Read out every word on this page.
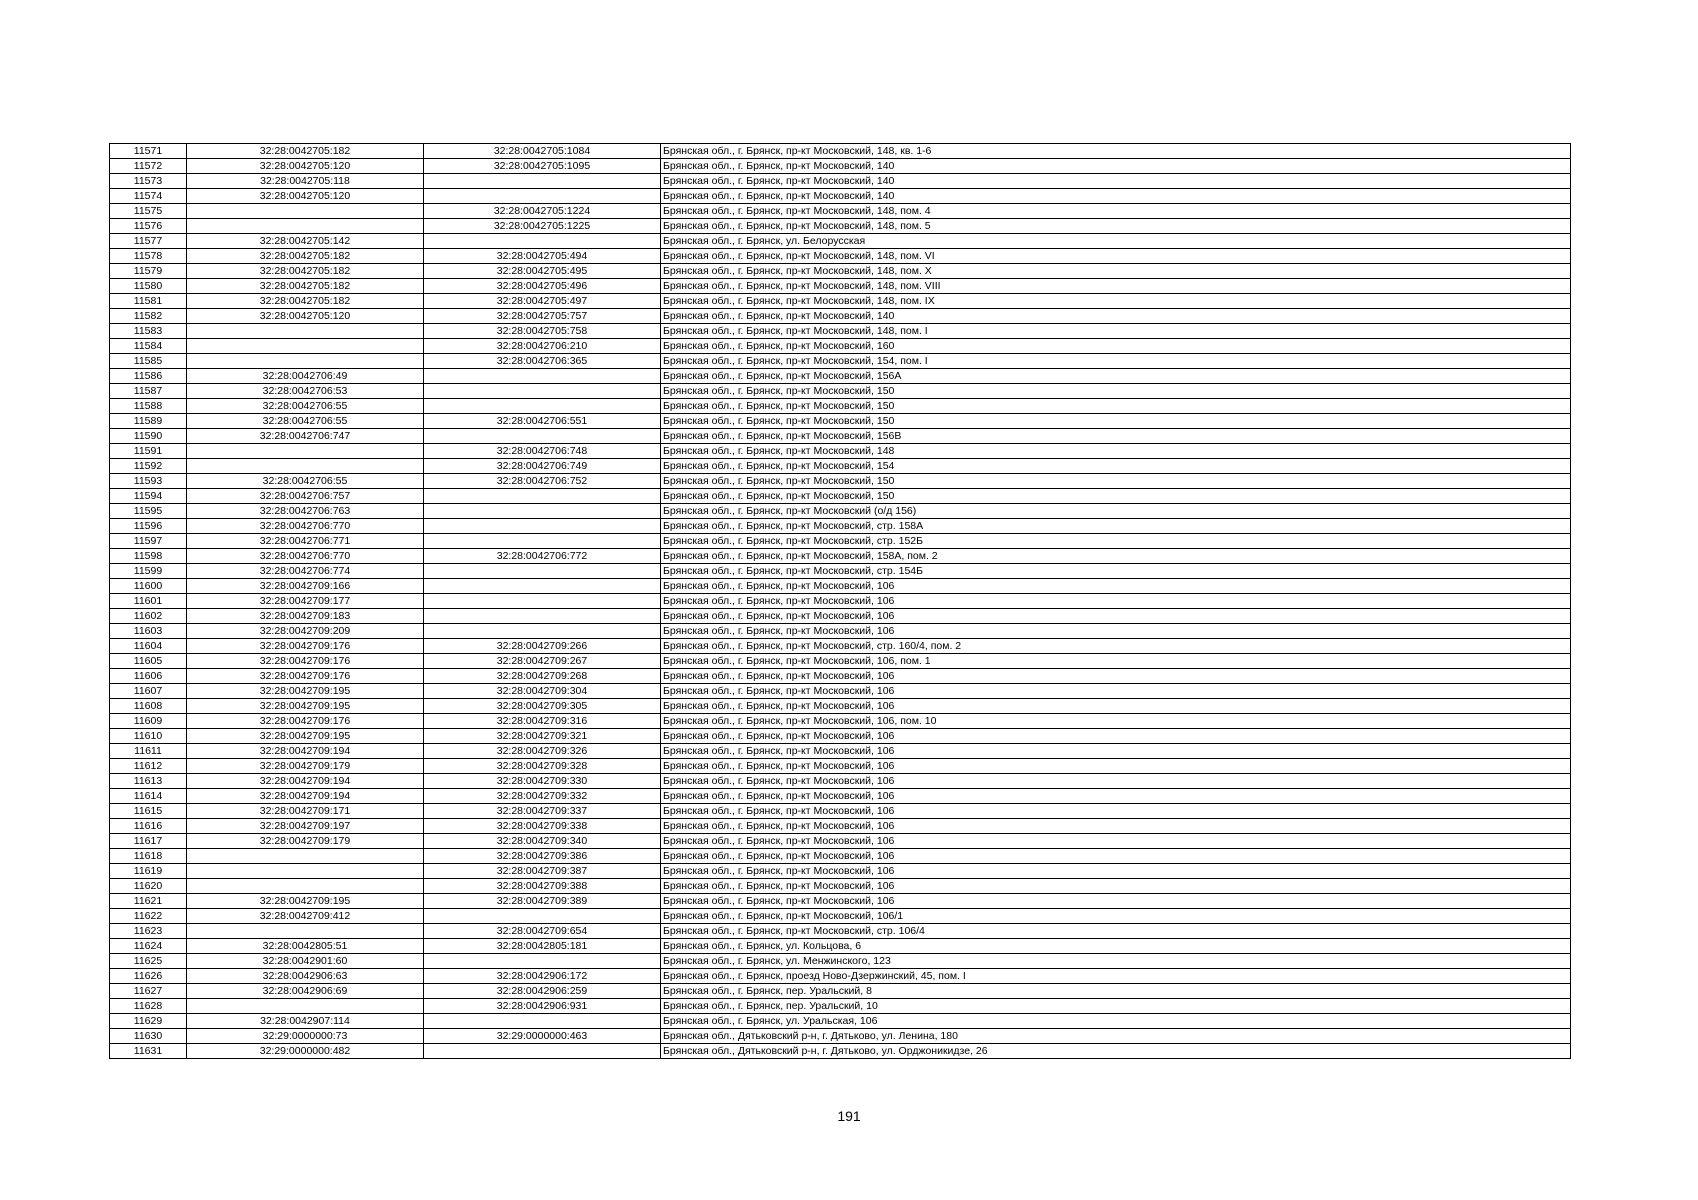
11571	32:28:0042705:182	32:28:0042705:1084	Брянская обл., г. Брянск, пр-кт Московский, 148, кв. 1-6
11572	32:28:0042705:120	32:28:0042705:1095	Брянская обл., г. Брянск, пр-кт Московский, 140
11573	32:28:0042705:118		Брянская обл., г. Брянск, пр-кт Московский, 140
11574	32:28:0042705:120		Брянская обл., г. Брянск, пр-кт Московский, 140
11575		32:28:0042705:1224	Брянская обл., г. Брянск, пр-кт Московский, 148, пом. 4
11576		32:28:0042705:1225	Брянская обл., г. Брянск, пр-кт Московский, 148, пом. 5
11577	32:28:0042705:142		Брянская обл., г. Брянск, ул. Белорусская
11578	32:28:0042705:182	32:28:0042705:494	Брянская обл., г. Брянск, пр-кт Московский, 148, пом. VI
11579	32:28:0042705:182	32:28:0042705:495	Брянская обл., г. Брянск, пр-кт Московский, 148, пом. X
11580	32:28:0042705:182	32:28:0042705:496	Брянская обл., г. Брянск, пр-кт Московский, 148, пом. VIII
11581	32:28:0042705:182	32:28:0042705:497	Брянская обл., г. Брянск, пр-кт Московский, 148, пом. IX
11582	32:28:0042705:120	32:28:0042705:757	Брянская обл., г. Брянск, пр-кт Московский, 140
11583		32:28:0042705:758	Брянская обл., г. Брянск, пр-кт Московский, 148, пом. I
11584		32:28:0042706:210	Брянская обл., г. Брянск, пр-кт Московский, 160
11585		32:28:0042706:365	Брянская обл., г. Брянск, пр-кт Московский, 154, пом. I
11586	32:28:0042706:49		Брянская обл., г. Брянск, пр-кт Московский, 156А
11587	32:28:0042706:53		Брянская обл., г. Брянск, пр-кт Московский, 150
11588	32:28:0042706:55		Брянская обл., г. Брянск, пр-кт Московский, 150
11589	32:28:0042706:55	32:28:0042706:551	Брянская обл., г. Брянск, пр-кт Московский, 150
11590	32:28:0042706:747		Брянская обл., г. Брянск, пр-кт Московский, 156В
11591		32:28:0042706:748	Брянская обл., г. Брянск, пр-кт Московский, 148
11592		32:28:0042706:749	Брянская обл., г. Брянск, пр-кт Московский, 154
11593	32:28:0042706:55	32:28:0042706:752	Брянская обл., г. Брянск, пр-кт Московский, 150
11594	32:28:0042706:757		Брянская обл., г. Брянск, пр-кт Московский, 150
11595	32:28:0042706:763		Брянская обл., г. Брянск, пр-кт Московский (о/д 156)
11596	32:28:0042706:770		Брянская обл., г. Брянск, пр-кт Московский, стр. 158А
11597	32:28:0042706:771		Брянская обл., г. Брянск, пр-кт Московский, стр. 152Б
11598	32:28:0042706:770	32:28:0042706:772	Брянская обл., г. Брянск, пр-кт Московский, 158А, пом. 2
11599	32:28:0042706:774		Брянская обл., г. Брянск, пр-кт Московский, стр. 154Б
11600	32:28:0042709:166		Брянская обл., г. Брянск, пр-кт Московский, 106
11601	32:28:0042709:177		Брянская обл., г. Брянск, пр-кт Московский, 106
11602	32:28:0042709:183		Брянская обл., г. Брянск, пр-кт Московский, 106
11603	32:28:0042709:209		Брянская обл., г. Брянск, пр-кт Московский, 106
11604	32:28:0042709:176	32:28:0042709:266	Брянская обл., г. Брянск, пр-кт Московский, стр. 160/4, пом. 2
11605	32:28:0042709:176	32:28:0042709:267	Брянская обл., г. Брянск, пр-кт Московский, 106, пом. 1
11606	32:28:0042709:176	32:28:0042709:268	Брянская обл., г. Брянск, пр-кт Московский, 106
11607	32:28:0042709:195	32:28:0042709:304	Брянская обл., г. Брянск, пр-кт Московский, 106
11608	32:28:0042709:195	32:28:0042709:305	Брянская обл., г. Брянск, пр-кт Московский, 106
11609	32:28:0042709:176	32:28:0042709:316	Брянская обл., г. Брянск, пр-кт Московский, 106, пом. 10
11610	32:28:0042709:195	32:28:0042709:321	Брянская обл., г. Брянск, пр-кт Московский, 106
11611	32:28:0042709:194	32:28:0042709:326	Брянская обл., г. Брянск, пр-кт Московский, 106
11612	32:28:0042709:179	32:28:0042709:328	Брянская обл., г. Брянск, пр-кт Московский, 106
11613	32:28:0042709:194	32:28:0042709:330	Брянская обл., г. Брянск, пр-кт Московский, 106
11614	32:28:0042709:194	32:28:0042709:332	Брянская обл., г. Брянск, пр-кт Московский, 106
11615	32:28:0042709:171	32:28:0042709:337	Брянская обл., г. Брянск, пр-кт Московский, 106
11616	32:28:0042709:197	32:28:0042709:338	Брянская обл., г. Брянск, пр-кт Московский, 106
11617	32:28:0042709:179	32:28:0042709:340	Брянская обл., г. Брянск, пр-кт Московский, 106
11618		32:28:0042709:386	Брянская обл., г. Брянск, пр-кт Московский, 106
11619		32:28:0042709:387	Брянская обл., г. Брянск, пр-кт Московский, 106
11620		32:28:0042709:388	Брянская обл., г. Брянск, пр-кт Московский, 106
11621	32:28:0042709:195	32:28:0042709:389	Брянская обл., г. Брянск, пр-кт Московский, 106
11622	32:28:0042709:412		Брянская обл., г. Брянск, пр-кт Московский, 106/1
11623		32:28:0042709:654	Брянская обл., г. Брянск, пр-кт Московский, стр. 106/4
11624	32:28:0042805:51	32:28:0042805:181	Брянская обл., г. Брянск, ул. Кольцова, 6
11625	32:28:0042901:60		Брянская обл., г. Брянск, ул. Менжинского, 123
11626	32:28:0042906:63	32:28:0042906:172	Брянская обл., г. Брянск, проезд Ново-Дзержинский, 45, пом. I
11627	32:28:0042906:69	32:28:0042906:259	Брянская обл., г. Брянск, пер. Уральский, 8
11628		32:28:0042906:931	Брянская обл., г. Брянск, пер. Уральский, 10
11629	32:28:0042907:114		Брянская обл., г. Брянск, ул. Уральская, 106
11630	32:29:0000000:73	32:29:0000000:463	Брянская обл., Дятьковский р-н, г. Дятьково, ул. Ленина, 180
11631	32:29:0000000:482		Брянская обл., Дятьковский р-н, г. Дятьково, ул. Орджоникидзе, 26
191
